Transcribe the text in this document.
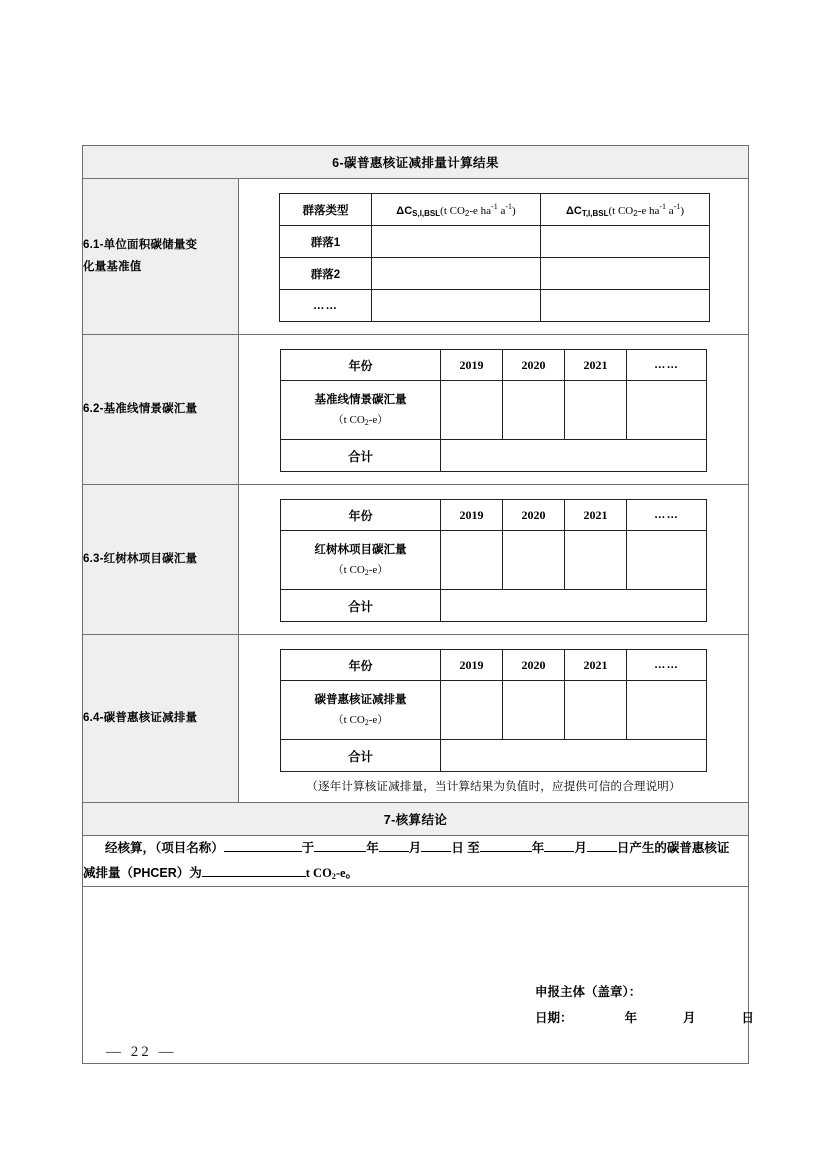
6-碳普惠核证减排量计算结果

6.1-单位面积碳储量变
化量基准值

群落类型	$\Delta C_{S,I,BSL}(t$ $CO_2-e$ $ha^{-1}$ $a^{-1}$)	$\Delta C_{T,I,BSL}(t$ $CO_2-e$ $ha^{-1}$ $a^{-1}$)
群落1		
群落2		
……		

6.2-基准线情景碳汇量	
年份	2019	2020	2021	……
基准线情景碳汇量
（t CO2-e）

合计	

6.3-红树林项目碳汇量	
年份	2019	2020	2021	……
红树林项目碳汇量
（t CO2-e）

合计	

6.4-碳普惠核证减排量	
年份	2019	2020	2021	……
碳普惠核证减排量
（t CO2-e）

合计	
（逐年计算核证减排量，当计算结果为负值时，应提供可信的合理说明）

7-核算结论
经核算，（项目名称）	于	年 月 日 至	年 月 日产生的碳普惠核证
减排量（PHCER）为	t CO2-e。

申报主体（盖章）：
日期：	年	月	日
— 22 —
